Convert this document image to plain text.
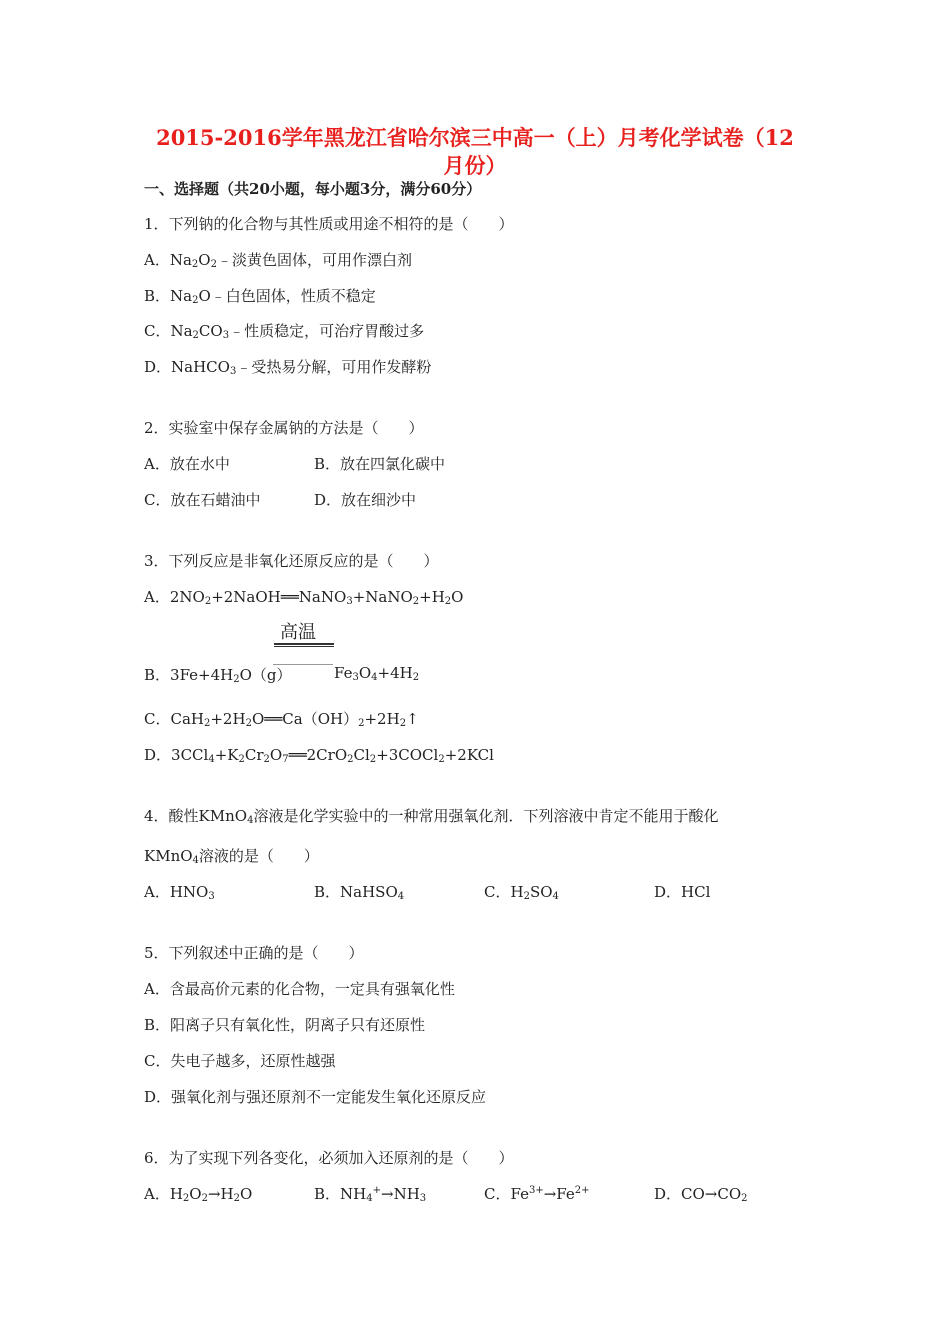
2015-2016学年黑龙江省哈尔滨三中高一（上）月考化学试卷（12
月份）
一、选择题（共20小题，每小题3分，满分60分）
1．下列钠的化合物与其性质或用途不相符的是（　　）
A．$Na_2O_2﹣$淡黄色固体，可用作漂白剂
B．$Na_2O﹣$白色固体，性质不稳定
C．$Na_2CO_3﹣$性质稳定，可治疗胃酸过多
D．NaHCO$_3$﹣受热易分解，可用作发酵粉
2．实验室中保存金属钠的方法是（　　）
A．放在水中	B．放在四氯化碳中
C．放在石蜡油中	D．放在细沙中
3．下列反应是非氧化还原反应的是（　　）
A．$2NO_2+2NaOH══NaNO_3+NaNO_2+H_2O$
高温
B．$3Fe+4H_2O(g)$	$Fe_3O_4+4H_2$
C．$CaH_2+2H_2O══Ca(OH)_2+2H_2↑$
D．$3CCl_4+K_2Cr_2O_7══2CrO_2Cl_2+3COCl_2+2KCl$
4．酸性KMnO$_4$溶液是化学实验中的一种常用强氧化剂．下列溶液中肯定不能用于酸化
KMnO$_4$溶液的是（　　）
A．$HNO_3$	B．NaHSO$_4$	C．$H_2SO_4$	D．HCl
5．下列叙述中正确的是（　　）
A．含最高价元素的化合物，一定具有强氧化性
B．阳离子只有氧化性，阴离子只有还原性
C．失电子越多，还原性越强
D．强氧化剂与强还原剂不一定能发生氧化还原反应
6．为了实现下列各变化，必须加入还原剂的是（　　）
A．$H_2O_2\to H_2O$	B．$NH_4^+\to NH_3$	C．$Fe^{3+}\to Fe^{2+}$	D．$CO\to CO_2$
